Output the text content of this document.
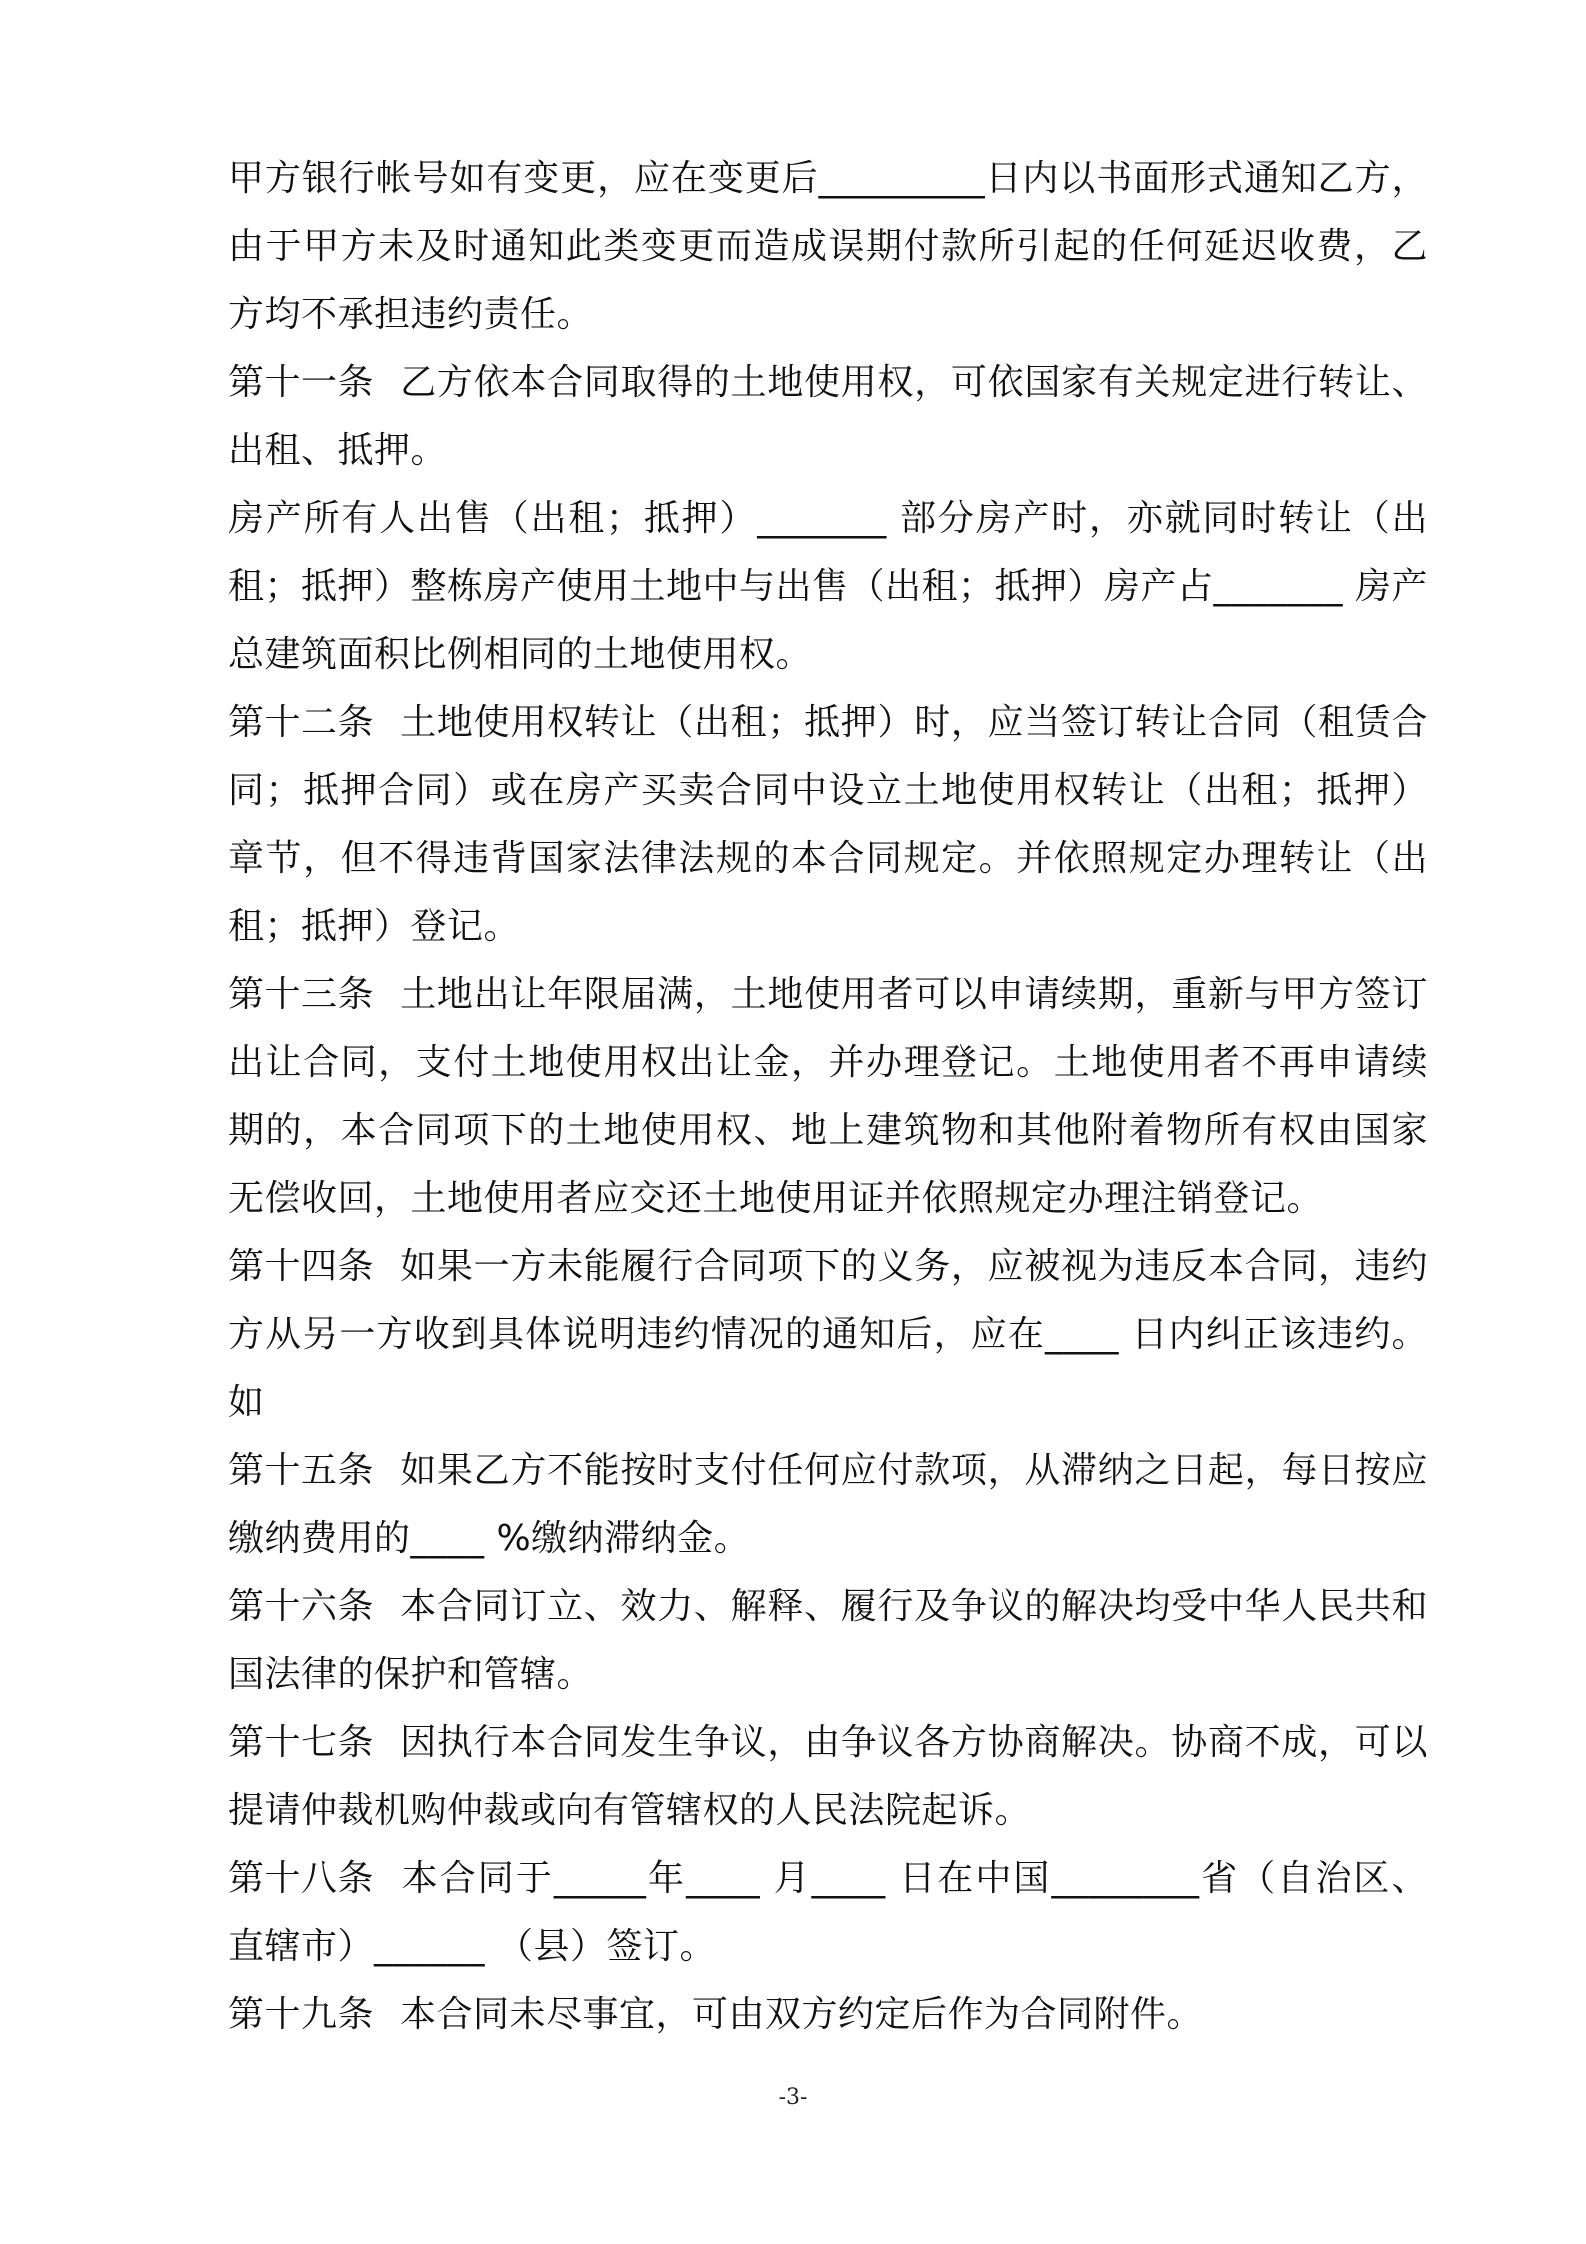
甲方银行帐号如有变更，应在变更后_________日内以书面形式通知乙方，由于甲方未及时通知此类变更而造成误期付款所引起的任何延迟收费，乙方均不承担违约责任。

第十一条 乙方依本合同取得的土地使用权，可依国家有关规定进行转让、出租、抵押。

房产所有人出售（出租；抵押）_______ 部分房产时，亦就同时转让（出租；抵押）整栋房产使用土地中与出售（出租；抵押）房产占_______ 房产总建筑面积比例相同的土地使用权。

第十二条 土地使用权转让（出租；抵押）时，应当签订转让合同（租赁合同；抵押合同）或在房产买卖合同中设立土地使用权转让（出租；抵押）章节，但不得违背国家法律法规的本合同规定。并依照规定办理转让（出租；抵押）登记。

第十三条 土地出让年限届满，土地使用者可以申请续期，重新与甲方签订出让合同，支付土地使用权出让金，并办理登记。土地使用者不再申请续期的，本合同项下的土地使用权、地上建筑物和其他附着物所有权由国家无偿收回，土地使用者应交还土地使用证并依照规定办理注销登记。

第十四条 如果一方未能履行合同项下的义务，应被视为违反本合同，违约方从另一方收到具体说明违约情况的通知后，应在____ 日内纠正该违约。如

第十五条 如果乙方不能按时支付任何应付款项，从滞纳之日起，每日按应缴纳费用的____ %缴纳滞纳金。

第十六条 本合同订立、效力、解释、履行及争议的解决均受中华人民共和国法律的保护和管辖。

第十七条 因执行本合同发生争议，由争议各方协商解决。协商不成，可以提请仲裁机购仲裁或向有管辖权的人民法院起诉。

第十八条 本合同于_____年____ 月____ 日在中国________省（自治区、直辖市）______ （县）签订。

第十九条 本合同未尽事宜，可由双方约定后作为合同附件。

-3-
